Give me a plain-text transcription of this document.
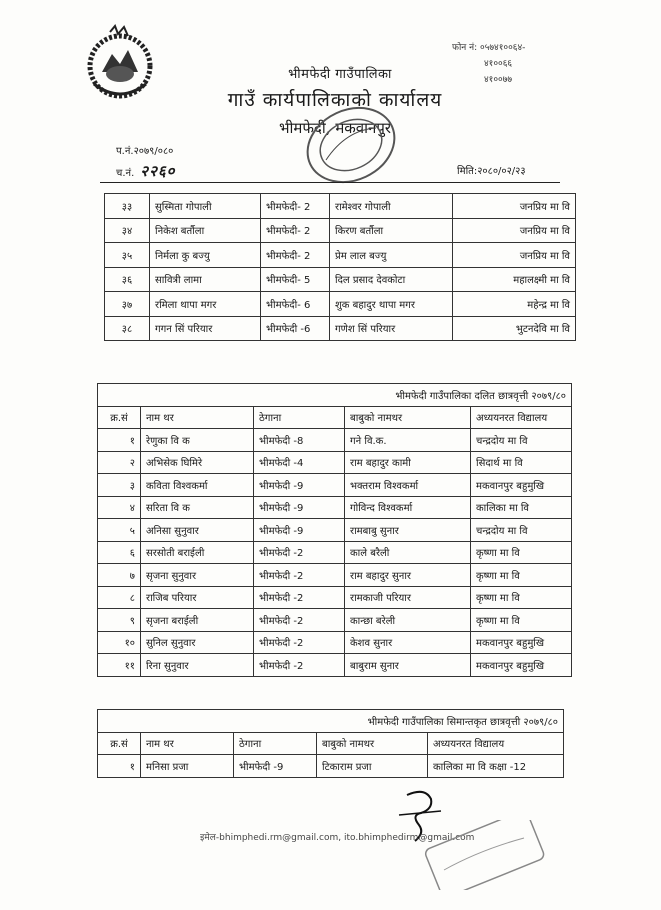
भीमफेदी गाउँपालिका
गाउँ कार्यपालिकाको कार्यालय
भीमफेदी, मकवानपुर
फोन नं: ०५७४१००६४-
४१००६६
४१००७७
प.नं.२०७९/०८०
च.नं. २२६०	मिति:२०८०/०२/२३
३३	सुस्मिता गोपाली	भीमफेदी- 2	रामेश्वर गोपाली	जनप्रिय मा वि
३४	निकेश बर्तौला	भीमफेदी- 2	किरण बर्तौला	जनप्रिय मा वि
३५	निर्मला कु बज्यु	भीमफेदी- 2	प्रेम लाल बज्यु	जनप्रिय मा वि
३६	सावित्री लामा	भीमफेदी- 5	दिल प्रसाद देवकोटा	महालक्ष्मी मा वि
३७	रमिला थापा मगर	भीमफेदी- 6	शुक बहादुर थापा मगर	महेन्द्र मा वि
३८	गगन सिं परियार	भीमफेदी -6	गणेश सिं परियार	भुटनदेवि मा वि
भीमफेदी गाउँपालिका दलित छात्रवृत्ती २०७९/८०				
क्र.सं	नाम थर	ठेगाना	बाबुको नामथर	अध्ययनरत विद्यालय
१	रेणुका वि क	भीमफेदी -8	गने वि.क.	चन्द्रदोय मा वि
२	अभिसेक घिमिरे	भीमफेदी -4	राम बहादुर कामी	सिदार्थ मा वि
३	कविता विश्वकर्मा	भीमफेदी -9	भक्तराम विश्वकर्मा	मकवानपुर बहुमुखि
४	सरिता वि क	भीमफेदी -9	गोविन्द विश्वकर्मा	कालिका मा वि
५	अनिसा सुनुवार	भीमफेदी -9	रामबाबु सुनार	चन्द्रदोय मा वि
६	सरसोती बराईली	भीमफेदी -2	काले बरैली	कृष्णा मा वि
७	सृजना सुनुवार	भीमफेदी -2	राम बहादुर सुनार	कृष्णा मा वि
८	राजिब परियार	भीमफेदी -2	रामकाजी परियार	कृष्णा मा वि
९	सृजना बराईली	भीमफेदी -2	कान्छा बरेली	कृष्णा मा वि
१०	सुनिल सुनुवार	भीमफेदी -2	केशव सुनार	मकवानपुर बहुमुखि
११	रिना सुनुवार	भीमफेदी -2	बाबुराम सुनार	मकवानपुर बहुमुखि
भीमफेदी गाउँपालिका सिमान्तकृत छात्रवृत्ती २०७९/८०				
क्र.सं	नाम थर	ठेगाना	बाबुको नामथर	अध्ययनरत विद्यालय
१	मनिसा प्रजा	भीमफेदी -9	टिकाराम प्रजा	कालिका मा वि कक्षा -12
इमेल-bhimphedi.rm@gmail.com, ito.bhimphedirm@gmail.com
